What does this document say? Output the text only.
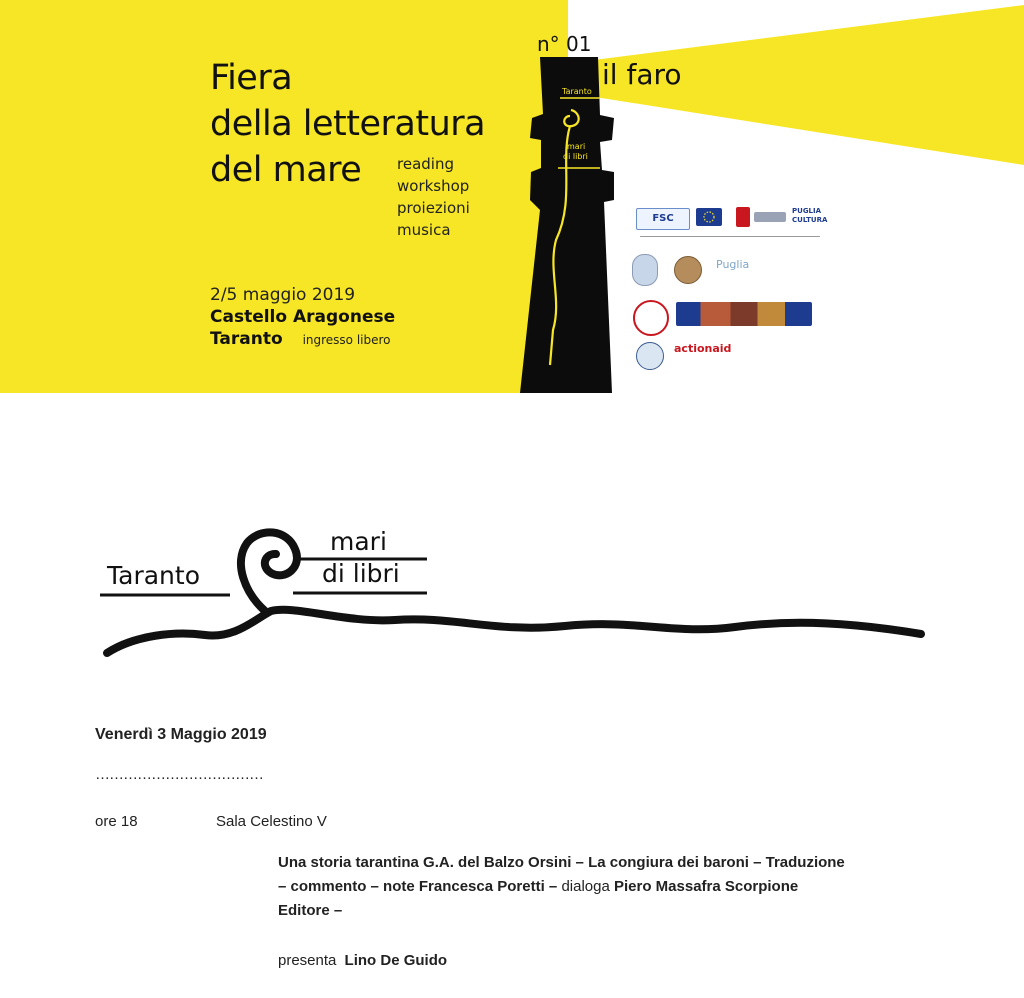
n° 01
il faro
Taranto
mari
di libri
Fiera
della letteratura
del mare reading
workshop
proiezioni
musica
2/5 maggio 2019
Castello Aragonese
Taranto ingresso libero
FSC
PUGLIA CULTURA
Puglia
actionaid
Taranto
mari
di libri
Venerdì 3 Maggio 2019
………………………………
ore 18	Sala Celestino V
Una storia tarantina G.A. del Balzo Orsini – La congiura dei baroni – Traduzione
– commento – note Francesca Poretti – dialoga Piero Massafra Scorpione
Editore –
presenta Lino De Guido
